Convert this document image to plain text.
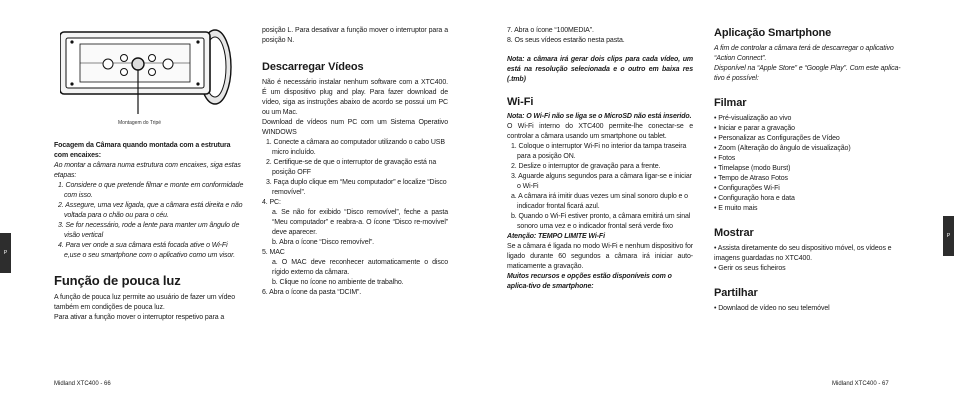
P
P
Montagem do Tripé

Focagem da Câmara quando montada com a estrutura com encaixes:

Ao montar a câmara numa estrutura com encaixes, siga estas etapas:

1. Considere o que pretende filmar e monte em conformidade com isso.

2. Assegure, uma vez ligada, que a câmara está direita e não voltada para o chão ou para o céu.

3. Se for necessário, rode a lente para manter um ângulo de visão vertical

4. Para ver onde a sua câmara está focada ative o Wi-Fi e,use o seu smartphone com o aplicativo como um visor.

Função de pouca luz

A função de pouca luz permite ao usuário de fazer um vídeo também em condições de pouca luz.

Para ativar a função mover o interruptor respetivo para a

posição L. Para desativar a função mover o interruptor para a posição N.

Descarregar Vídeos

Não é necessário instalar nenhum software com a XTC400. É um dispositivo plug and play. Para fazer download de vídeo, siga as instruções abaixo de acordo se possui um PC ou um Mac.

Download de vídeos num PC com um Sistema Operativo WINDOWS

1. Conecte a câmara ao computador utilizando o cabo USB micro incluído.

2. Certifique-se de que o interruptor de gravação está na posição OFF

3. Faça duplo clique em “Meu computador” e localize “Disco removível”.

4. PC:

a. Se não for exibido “Disco removível”, feche a pasta “Meu computador” e reabra-a. O ícone “Disco re-movível” deve aparecer.

b. Abra o ícone “Disco removível”.

5. MAC

a. O MAC deve reconhecer automaticamente o disco rígido externo da câmara.

b. Clique no ícone no ambiente de trabalho.

6. Abra o ícone da pasta “DCIM”.

7. Abra o ícone “100MEDIA”.

8. Os seus vídeos estarão nesta pasta.

Nota: a câmara irá gerar dois clips para cada vídeo, um está na resolução selecionada e o outro em baixa res (.tmb)

Wi-Fi

Nota: O Wi-Fi não se liga se o MicroSD não está inserido.

O Wi-Fi interno do XTC400 permite-lhe conectar-se e controlar a câmara usando um smartphone ou tablet.

1. Coloque o interruptor Wi-Fi no interior da tampa traseira para a posição ON.

2. Deslize o interruptor de gravação para a frente.

3. Aguarde alguns segundos para a câmara ligar-se e iniciar o Wi-Fi

a. A câmara irá imitir duas vezes um sinal sonoro duplo e o indicador frontal ficará azul.

b. Quando o Wi-Fi estiver pronto, a câmara emitirá um sinal sonoro uma vez e o indicador frontal será verde fixo

Atenção: TEMPO LIMITE Wi-Fi

Se a câmara é ligada no modo Wi-Fi e nenhum dispositivo for ligado durante 60 segundos a câmara irá iniciar auto-maticamente a gravação.

Muitos recursos e opções estão disponíveis com o aplica-tivo de smartphone:

Aplicação Smartphone

A fim de controlar a câmara terá de descarregar o aplicativo “Action Connect”.

Disponível na “Apple Store” e “Google Play”. Com este aplica-tivo é possível:

Filmar
• Pré-visualização ao vivo
• Iniciar e parar a gravação
• Personalizar as Configurações de Vídeo
• Zoom (Alteração do ângulo de visualização)
• Fotos
• Timelapse (modo Burst)
• Tempo de Atraso Fotos
• Configurações Wi-Fi
• Configuração hora e data
• E muito mais
Mostrar
• Assista diretamente do seu dispositivo móvel, os vídeos e imagens guardadas no XTC400.
• Gerir os seus ficheiros
Partilhar
• Downlaod de vídeo no seu telemóvel
Midland XTC400 - 66	Midland XTC400 - 67
